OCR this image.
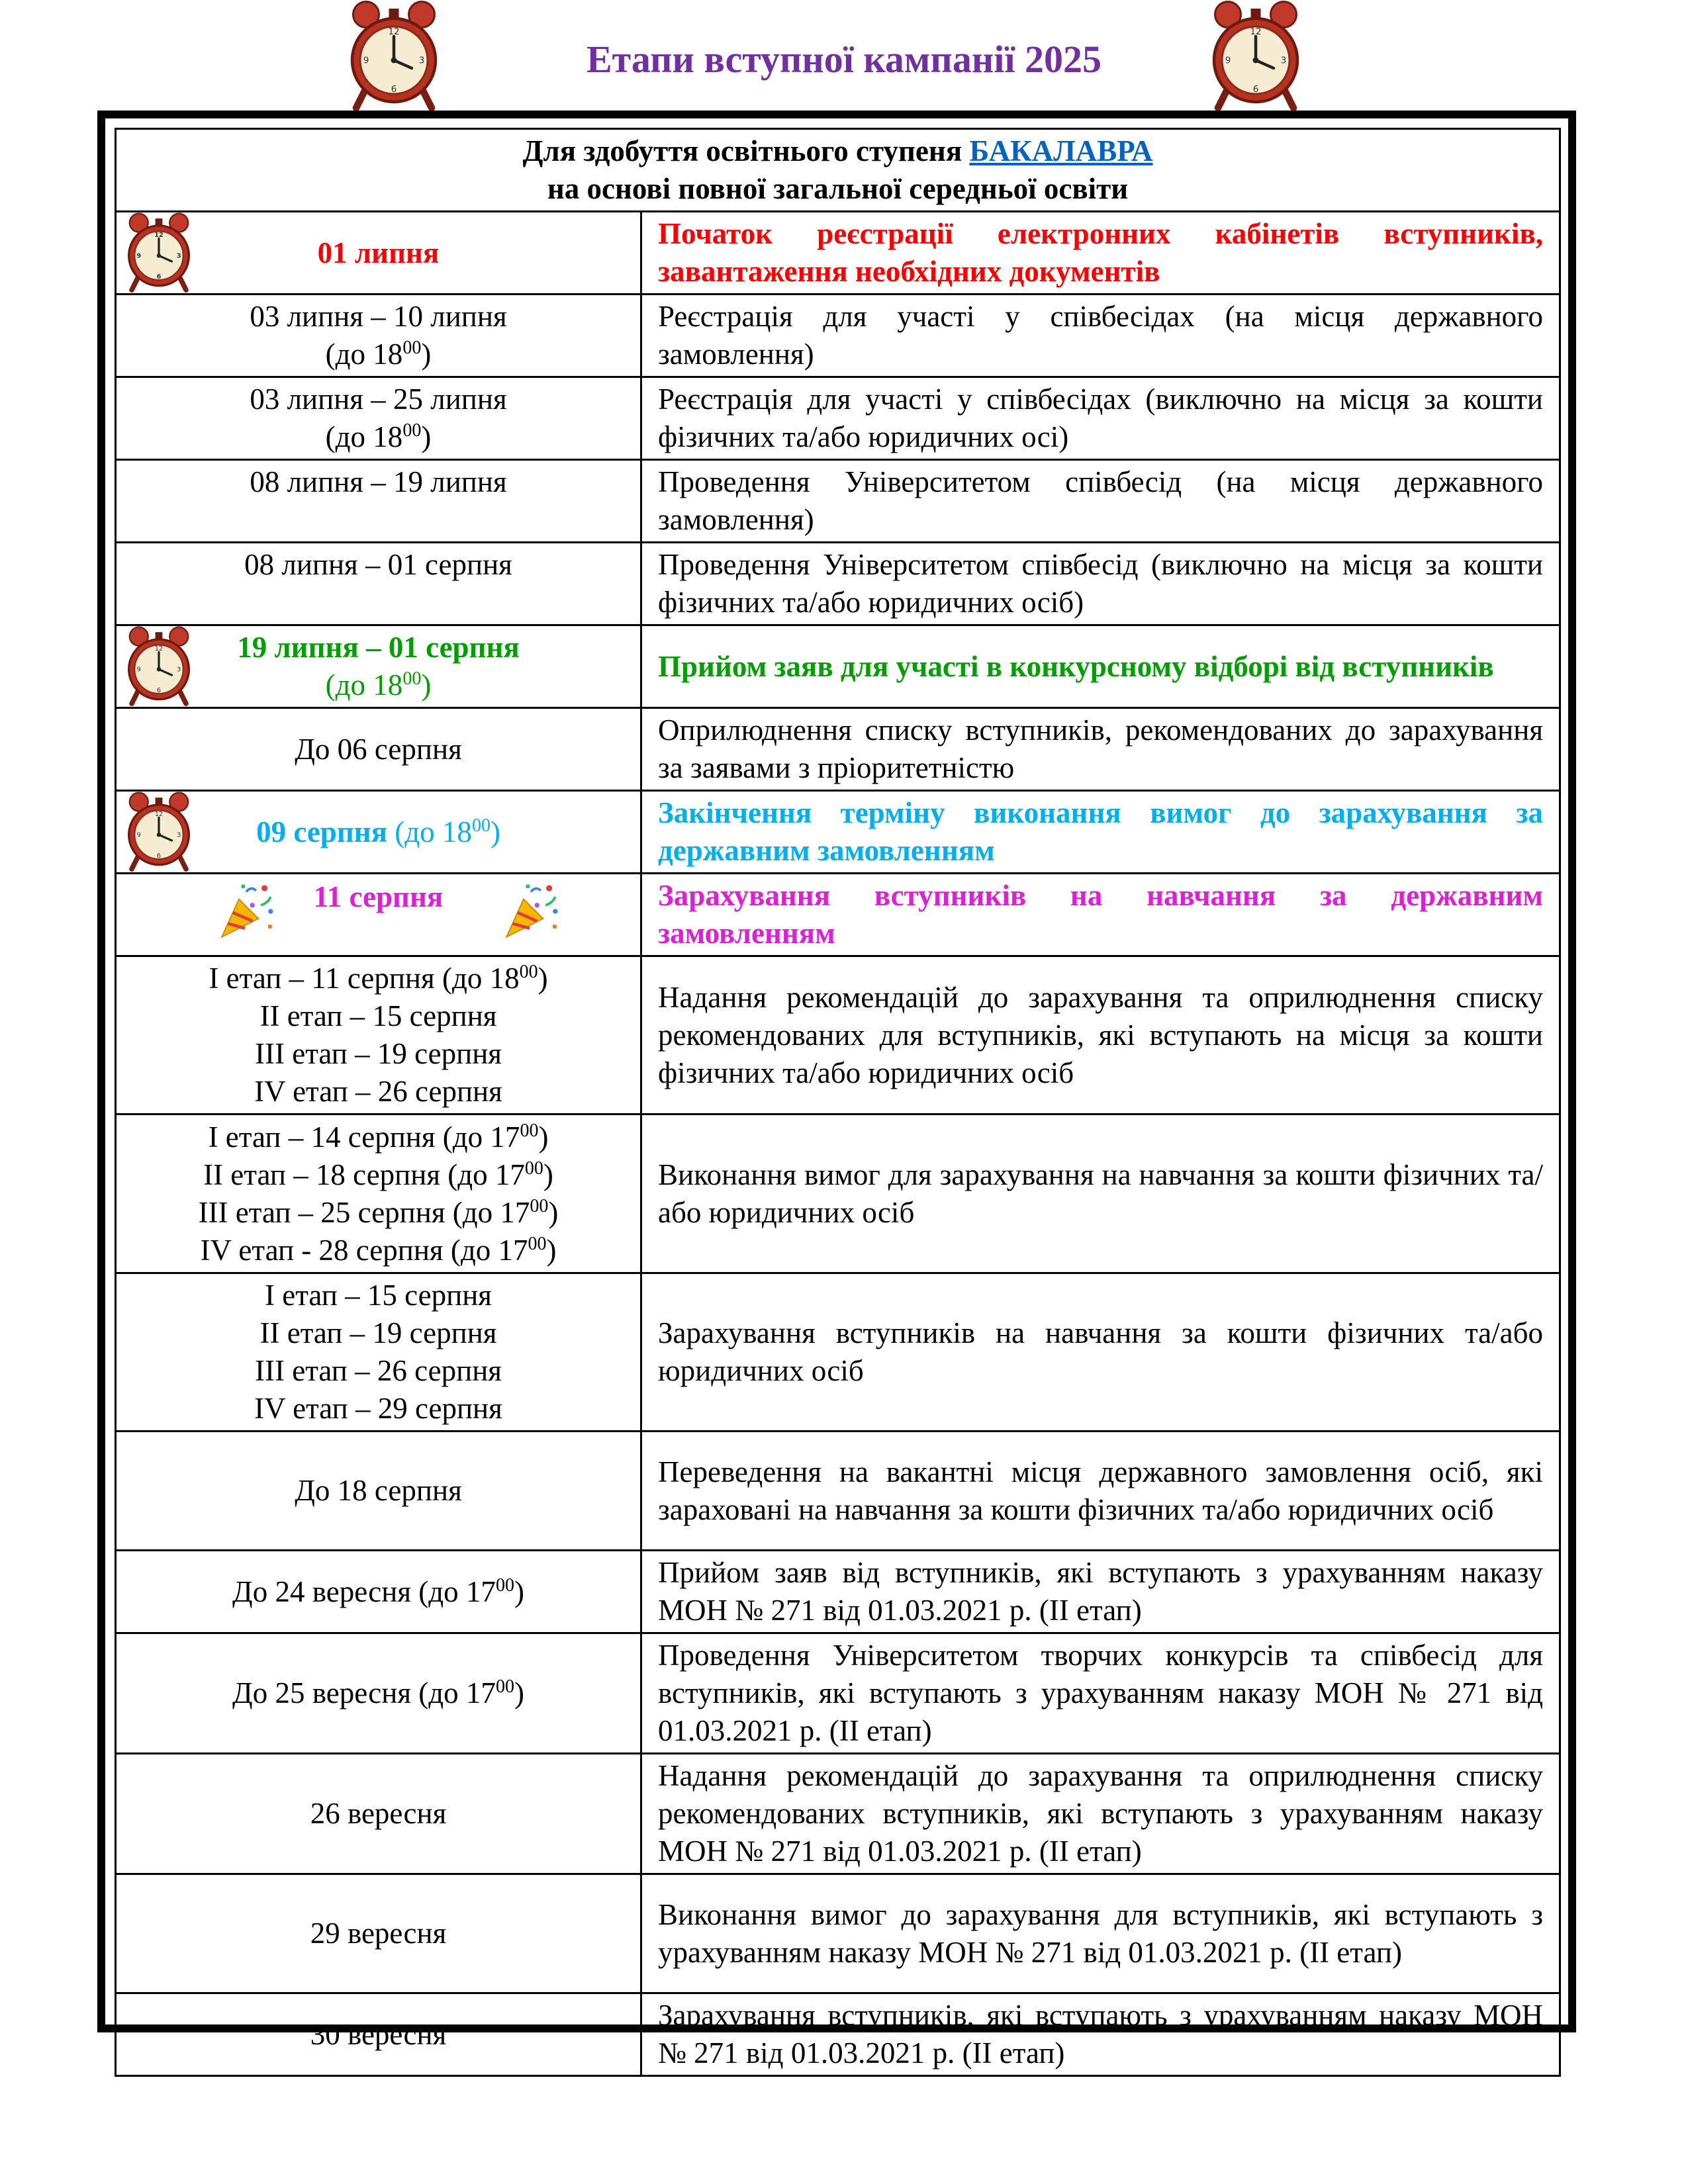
Етапи вступної кампанії 2025
Для здобуття освітнього ступеня БАКАЛАВРА
на основі повної загальної середньої освіти	

01 липня	Початок реєстрації електронних кабінетів вступників, завантаження необхідних документів

03 липня – 10 липня
(до $18^{00}$)	Реєстрація для участі у співбесідах (на місця державного замовлення)

03 липня – 25 липня
(до $18^{00}$)	Реєстрація для участі у співбесідах (виключно на місця за кошти фізичних та/або юридичних осі)
08 липня – 19 липня	Проведення Університетом співбесід (на місця державного замовлення)
08 липня – 01 серпня	Проведення Університетом співбесід (виключно на місця за кошти фізичних та/або юридичних осіб)

19 липня – 01 серпня
(до $18^{00}$)	Прийом заяв для участі в конкурсному відборі від вступників
До 06 серпня	Оприлюднення списку вступників, рекомендованих до зарахування за заявами з пріоритетністю

09 серпня (до $18^{00}$)	Закінчення терміну виконання вимог до зарахування за державним замовленням

11 серпня	Зарахування вступників на навчання за державним замовленням

I етап – 11 серпня (до $18^{00}$)
II етап – 15 серпня
III етап – 19 серпня
IV етап – 26 серпня	Надання рекомендацій до зарахування та оприлюднення списку рекомендованих для вступників, які вступають на місця за кошти фізичних та/або юридичних осіб

I етап – 14 серпня (до $17^{00}$)
II етап – 18 серпня (до $17^{00}$)
III етап – 25 серпня (до $17^{00}$)
IV етап - 28 серпня (до $17^{00}$)	Виконання вимог для зарахування на навчання за кошти фізичних та/або юридичних осіб

I етап – 15 серпня
II етап – 19 серпня
III етап – 26 серпня
IV етап – 29 серпня	Зарахування вступників на навчання за кошти фізичних та/або юридичних осіб
До 18 серпня	Переведення на вакантні місця державного замовлення осіб, які зараховані на навчання за кошти фізичних та/або юридичних осіб
До 24 вересня (до $17^{00}$)	Прийом заяв від вступників, які вступають з урахуванням наказу МОН № 271 від 01.03.2021 р. (II етап)
До 25 вересня (до $17^{00}$)	Проведення Університетом творчих конкурсів та співбесід для вступників, які вступають з урахуванням наказу МОН № 271 від 01.03.2021 р. (II етап)
26 вересня	Надання рекомендацій до зарахування та оприлюднення списку рекомендованих вступників, які вступають з урахуванням наказу МОН № 271 від 01.03.2021 р. (II етап)
29 вересня	Виконання вимог до зарахування для вступників, які вступають з урахуванням наказу МОН № 271 від 01.03.2021 р. (II етап)
30 вересня	Зарахування вступників, які вступають з урахуванням наказу МОН № 271 від 01.03.2021 р. (II етап)
